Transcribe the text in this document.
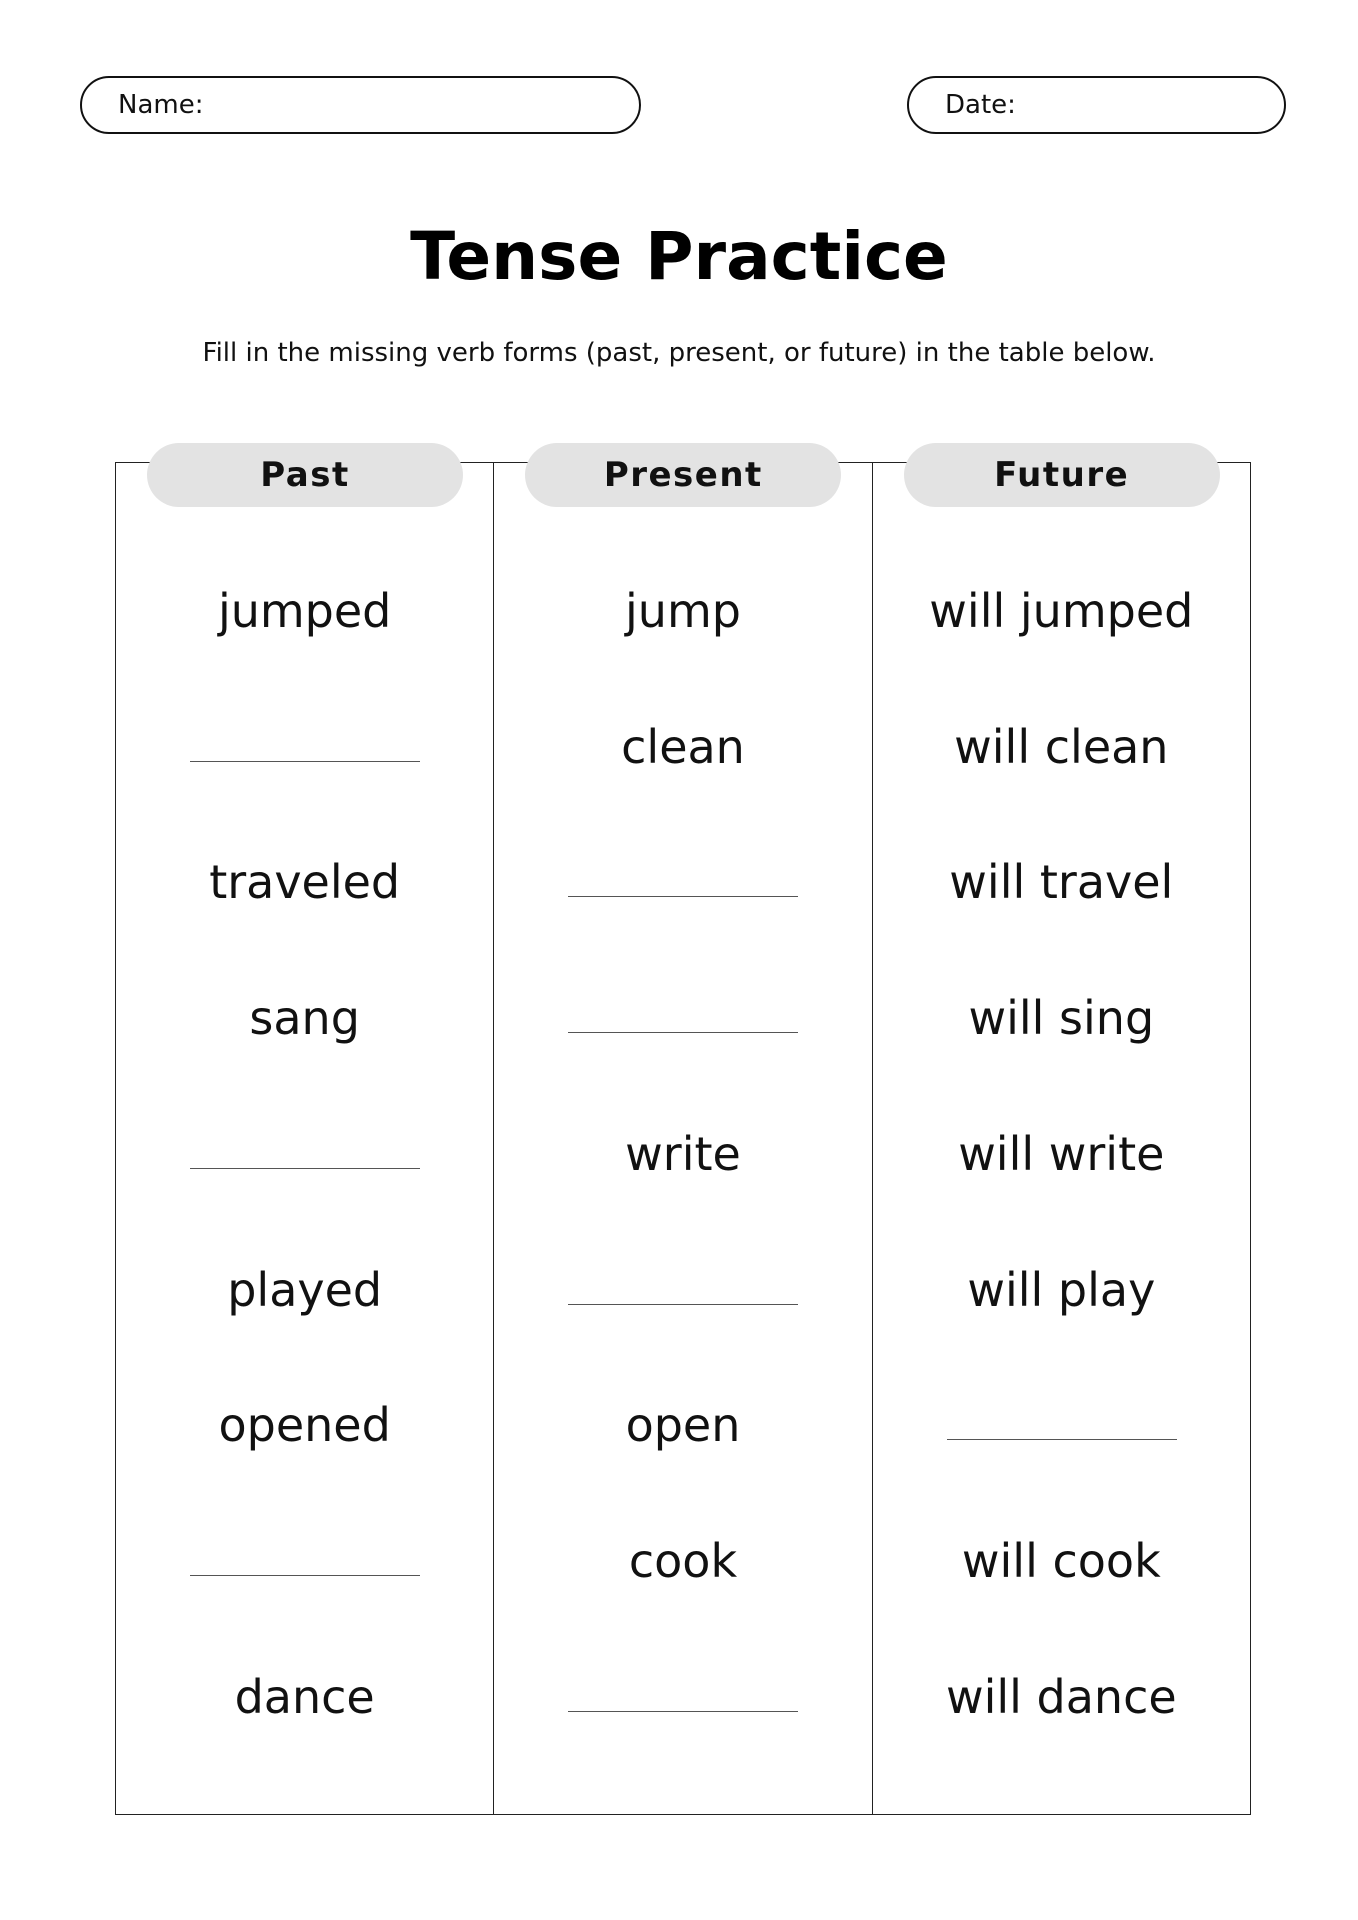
Name:	Date:
Tense Practice
Fill in the missing verb forms (past, present, or future) in the table below.
Past
jumped
traveled
sang
played
opened
dance
Present
jump
clean
write
open
cook
Future
will jumped
will clean
will travel
will sing
will write
will play
will cook
will dance
